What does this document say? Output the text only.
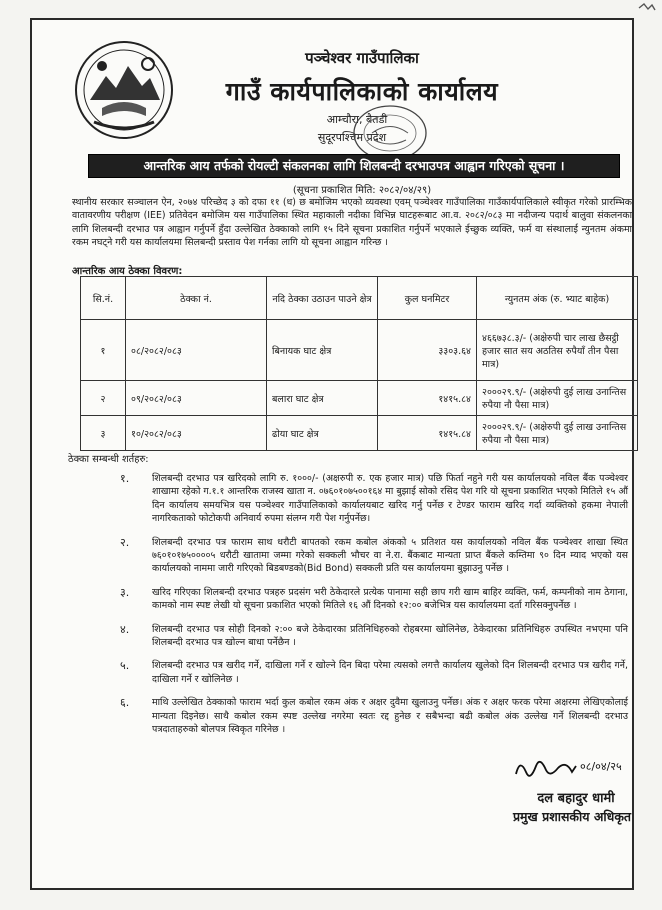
पञ्चेश्वर गाउँपालिका
गाउँ कार्यपालिकाको कार्यालय
आम्चौरा, बैतडी
सुदूरपश्चिम प्रदेश
आन्तरिक आय तर्फको रोयल्टी संकलनका लागि शिलबन्दी दरभाउपत्र आह्वान गरिएको सूचना ।
(सूचना प्रकाशित मिति: २०८२/०४/२९)

स्थानीय सरकार सञ्चालन ऐन, २०७४ परिच्छेद ३ को दफा ११ (ध) छ बमोजिम भएको व्यवस्था एवम् पञ्चेश्वर गाउँपालिका गाउँकार्यपालिकाले स्वीकृत गरेको प्रारम्भिक वातावरणीय परीक्षण (IEE) प्रतिवेदन बमोजिम यस गाउँपालिका स्थित महाकाली नदीका विभिन्न घाटहरूबाट आ.व. २०८२/०८३ मा नदीजन्य पदार्थ बालुवा संकलनका लागि शिलबन्दी दरभाउ पत्र आह्वान गर्नुपर्ने हुँदा उल्लेखित ठेक्काको लागि १५ दिने सूचना प्रकाशित गर्नुपर्ने भएकाले ईच्छुक व्यक्ति, फर्म वा संस्थालाई न्युनतम अंकमा रकम नघट्ने गरी यस कार्यालयमा सिलबन्दी प्रस्ताव पेश गर्नका लागि यो सूचना आह्वान गरिन्छ ।

आन्तरिक आय ठेक्का विवरण:
सि.नं.	ठेक्का नं.	नदि ठेक्का उठाउन पाउने क्षेत्र	कुल घनमिटर	न्युनतम अंक (रु. भ्याट बाहेक)
१	०८/२०८२/०८३	बिनायक घाट क्षेत्र	३३०३.६४	४६६७३८.३/- (अक्षेरुपी चार लाख छैसट्ठी हजार सात सय अठतिस रुपैयाँ तीन पैसा मात्र)
२	०९/२०८२/०८३	बलारा घाट क्षेत्र	१४१५.८४	२०००२९.९/- (अक्षेरुपी दुई लाख उनान्तिस रुपैया नौ पैसा मात्र)
३	१०/२०८२/०८३	ढोया घाट क्षेत्र	१४१५.८४	२०००२९.९/- (अक्षेरुपी दुई लाख उनान्तिस रुपैया नौ पैसा मात्र)
ठेक्का सम्बन्धी शर्तहरु:
१.	शिलबन्दी दरभाउ पत्र खरिदको लागि रु. १०००/- (अक्षरुपी रु. एक हजार मात्र) पछि फिर्ता नहुने गरी यस कार्यालयको नविल बैंक पञ्चेश्वर शाखामा रहेको ग.१.१ आन्तरिक राजस्व खाता न. ०७६०१०७५००१६४ मा बुझाई सोको रसिद पेश गरि यो सूचना प्रकाशित भएको मितिले १५ औं दिन कार्यालय समयभित्र यस पञ्चेश्वर गाउँपालिकाको कार्यालयबाट खरिद गर्नु पर्नेछ र टेण्डर फाराम खरिद गर्दा व्यक्तिको हकमा नेपाली नागरिकताको फोटोकपी अनिवार्य रुपमा संलग्न गरी पेश गर्नुपर्नेछ।
२.	शिलबन्दी दरभाउ पत्र फाराम साथ धरौटी बापतको रकम कबोल अंकको ५ प्रतिशत यस कार्यालयको नविल बैंक पञ्चेश्वर शाखा स्थित ७६०१०१७५००००५ धरौटी खातामा जम्मा गरेको सक्कली भौचर वा ने.रा. बैंकबाट मान्यता प्राप्त बैंकले कम्तिमा ९० दिन म्याद भएको यस कार्यालयको नाममा जारी गरिएको बिडबण्डको(Bid Bond) सक्कली प्रति यस कार्यालयमा बुझाउनु पर्नेछ ।
३.	खरिद गरिएका शिलबन्दी दरभाउ पत्रहरु प्रदसंग भरी ठेकेदारले प्रत्येक पानामा सही छाप गरी खाम बाहिर व्यक्ति, फर्म, कम्पनीको नाम ठेगाना, कामको नाम स्पष्ट लेखी यो सूचना प्रकाशित भएको मितिले १६ औं दिनको १२:०० बजेभित्र यस कार्यालयमा दर्ता गरिसक्नुपर्नेछ ।
४.	शिलबन्दी दरभाउ पत्र सोही दिनको २:०० बजे ठेकेदारका प्रतिनिधिहरुको रोहबरमा खोलिनेछ, ठेकेदारका प्रतिनिधिहरु उपस्थित नभएमा पनि शिलबन्दी दरभाउ पत्र खोल्न बाधा पर्नेछैन ।
५.	शिलबन्दी दरभाउ पत्र खरीद गर्ने, दाखिला गर्ने र खोल्ने दिन बिदा परेमा त्यसको लगत्तै कार्यालय खुलेको दिन शिलबन्दी दरभाउ पत्र खरीद गर्ने, दाखिला गर्ने र खोलिनेछ ।
६.	माथि उल्लेखित ठेक्काको फाराम भर्दा कुल कबोल रकम अंक र अक्षर दुवैमा खुलाउनु पर्नेछ। अंक र अक्षर फरक परेमा अक्षरमा लेखिएकोलाई मान्यता दिइनेछ। साथै कबोल रकम स्पष्ट उल्लेख नगरेमा स्वतः रद्द हुनेछ र सबैभन्दा बढी कबोल अंक उल्लेख गर्ने शिलबन्दी दरभाउ पत्रदाताहरुको बोलपत्र स्विकृत गरिनेछ ।
०८/०४/२५
दल बहादुर धामी
प्रमुख प्रशासकीय अधिकृत
